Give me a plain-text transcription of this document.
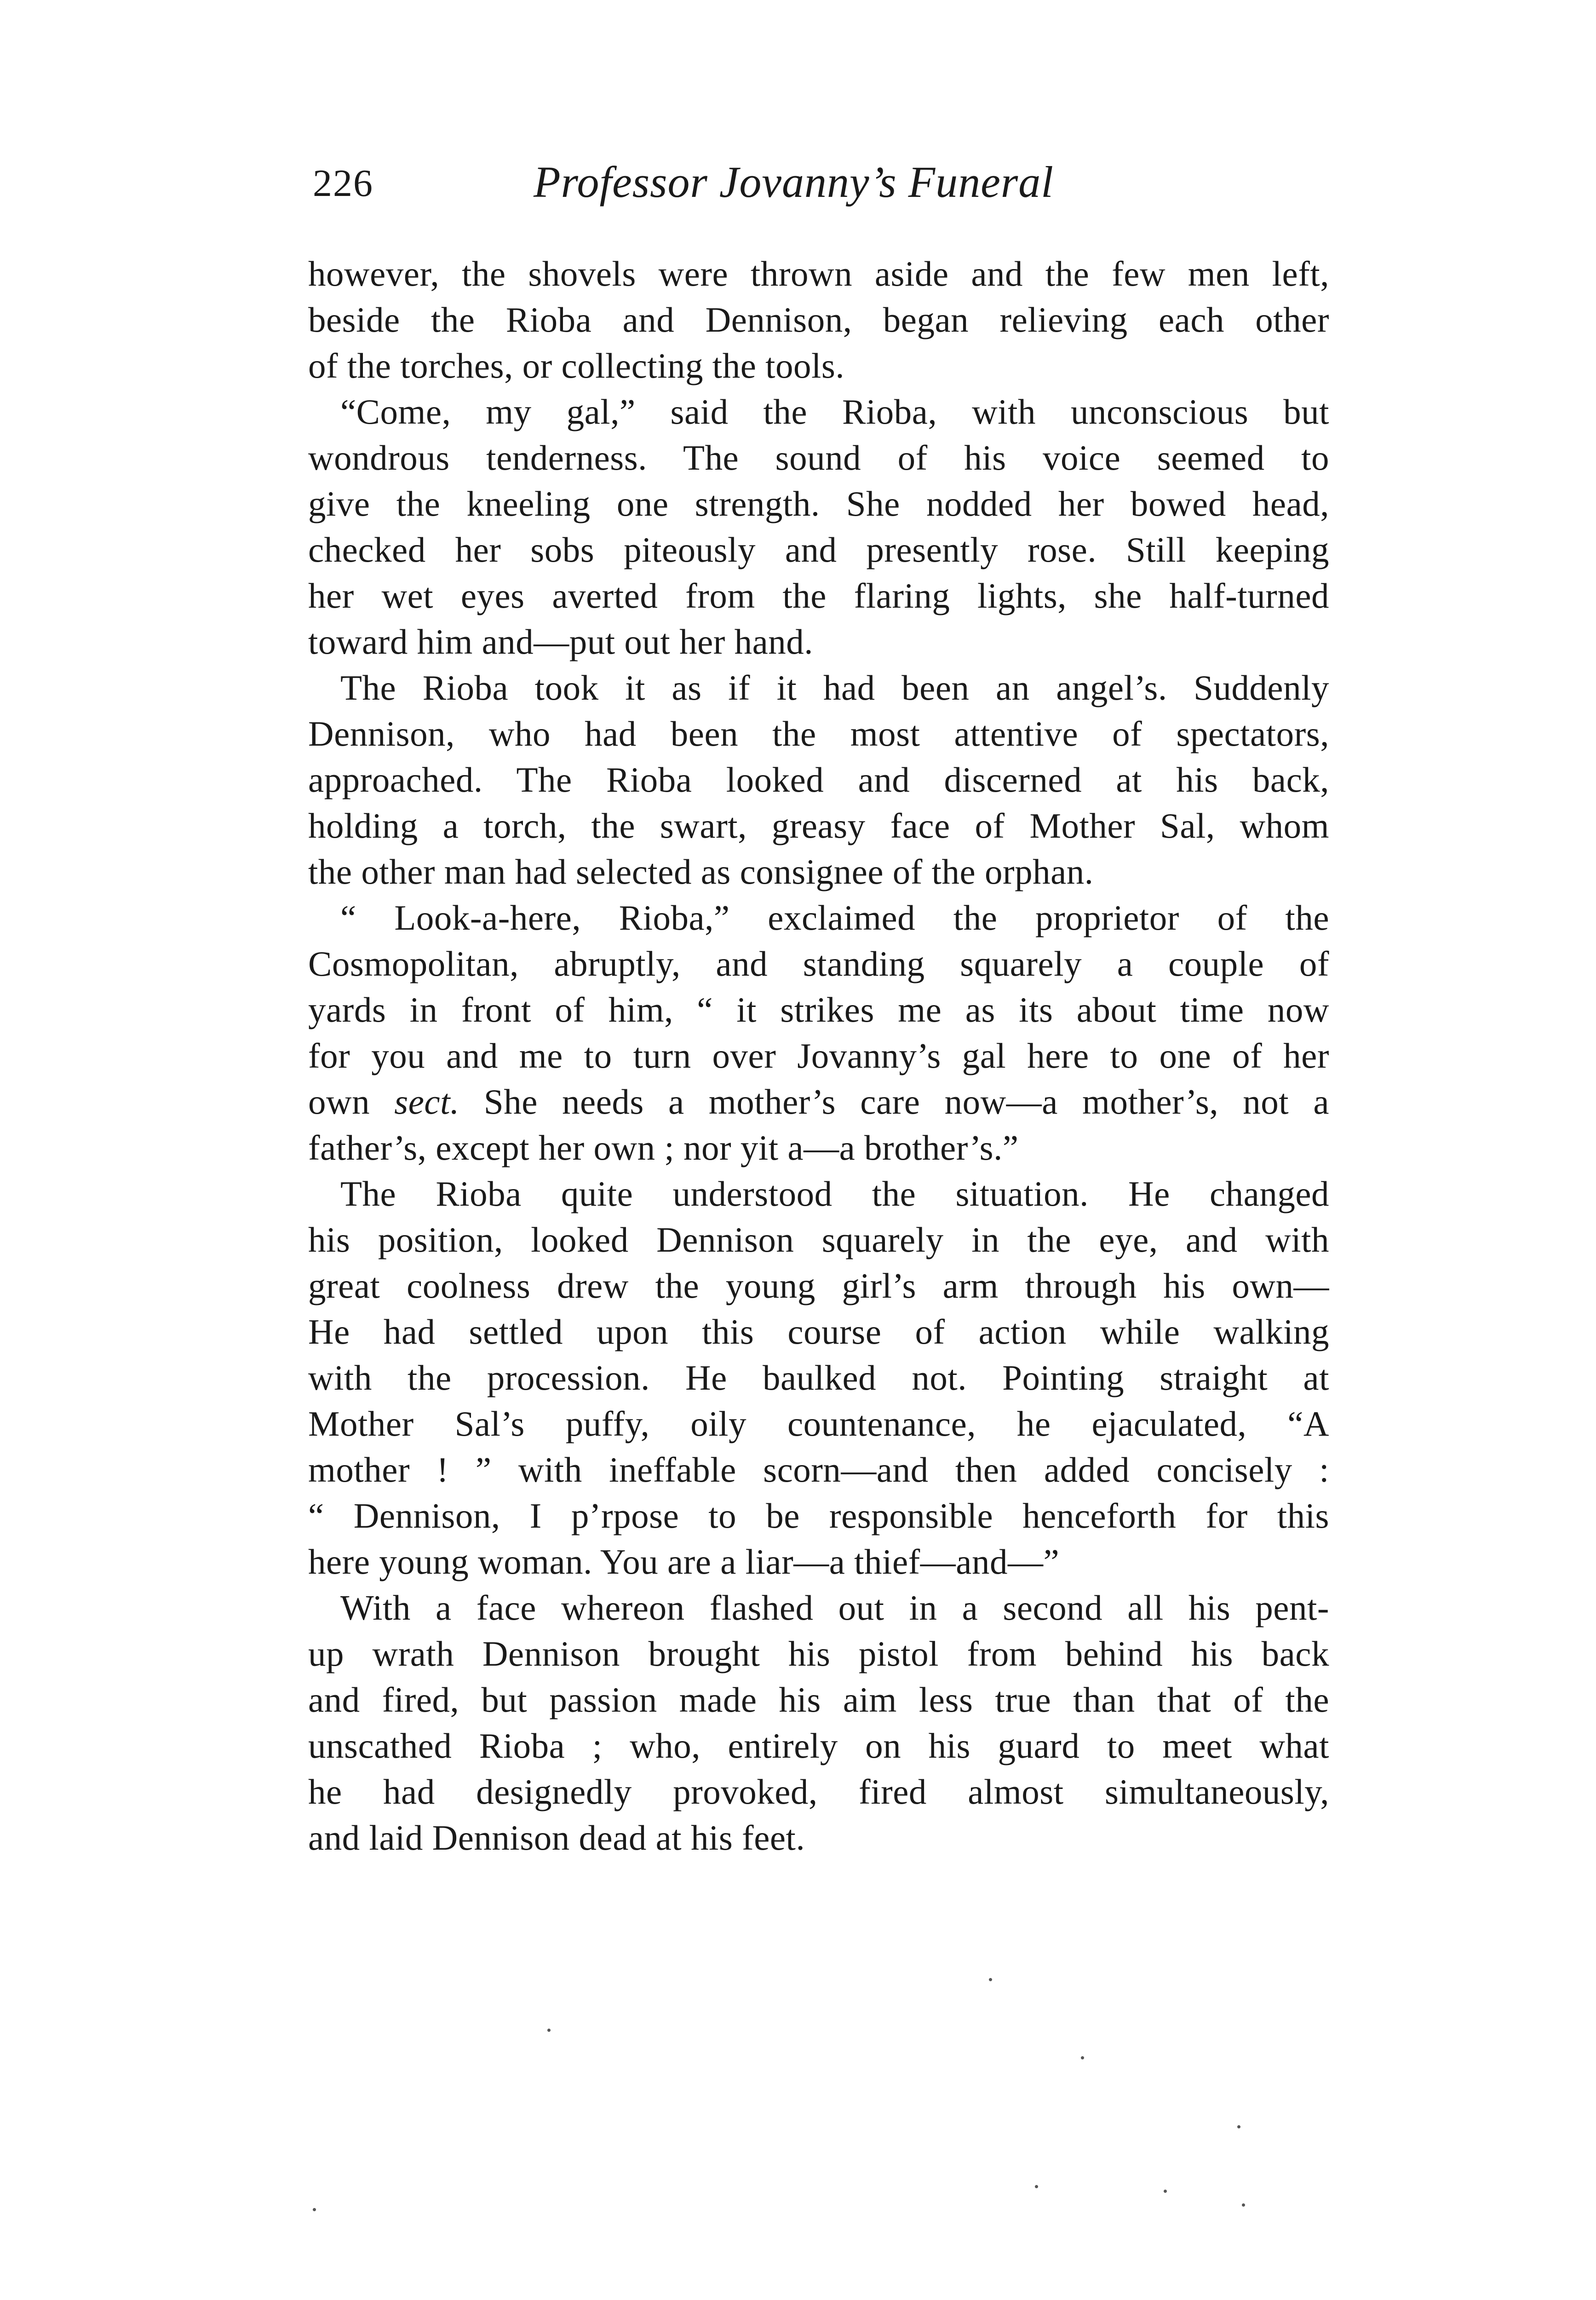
226	Professor Jovanny’s Funeral
however, the shovels were thrown aside and the few men left,
beside the Rioba and Dennison, began relieving each other
of the torches, or collecting the tools.
“Come, my gal,” said the Rioba, with unconscious but
wondrous tenderness. The sound of his voice seemed to
give the kneeling one strength. She nodded her bowed head,
checked her sobs piteously and presently rose. Still keeping
her wet eyes averted from the flaring lights, she half-turned
toward him and—put out her hand.
The Rioba took it as if it had been an angel’s. Suddenly
Dennison, who had been the most attentive of spectators,
approached. The Rioba looked and discerned at his back,
holding a torch, the swart, greasy face of Mother Sal, whom
the other man had selected as consignee of the orphan.
“ Look-a-here, Rioba,” exclaimed the proprietor of the
Cosmopolitan, abruptly, and standing squarely a couple of
yards in front of him, “ it strikes me as its about time now
for you and me to turn over Jovanny’s gal here to one of her
own sect. She needs a mother’s care now—a mother’s, not a
father’s, except her own ; nor yit a—a brother’s.”
The Rioba quite understood the situation. He changed
his position, looked Dennison squarely in the eye, and with
great coolness drew the young girl’s arm through his own—
He had settled upon this course of action while walking
with the procession. He baulked not. Pointing straight at
Mother Sal’s puffy, oily countenance, he ejaculated, “A
mother ! ” with ineffable scorn—and then added concisely :
“ Dennison, I p’rpose to be responsible henceforth for this
here young woman. You are a liar—a thief—and—”
With a face whereon flashed out in a second all his pent-
up wrath Dennison brought his pistol from behind his back
and fired, but passion made his aim less true than that of the
unscathed Rioba ; who, entirely on his guard to meet what
he had designedly provoked, fired almost simultaneously,
and laid Dennison dead at his feet.
